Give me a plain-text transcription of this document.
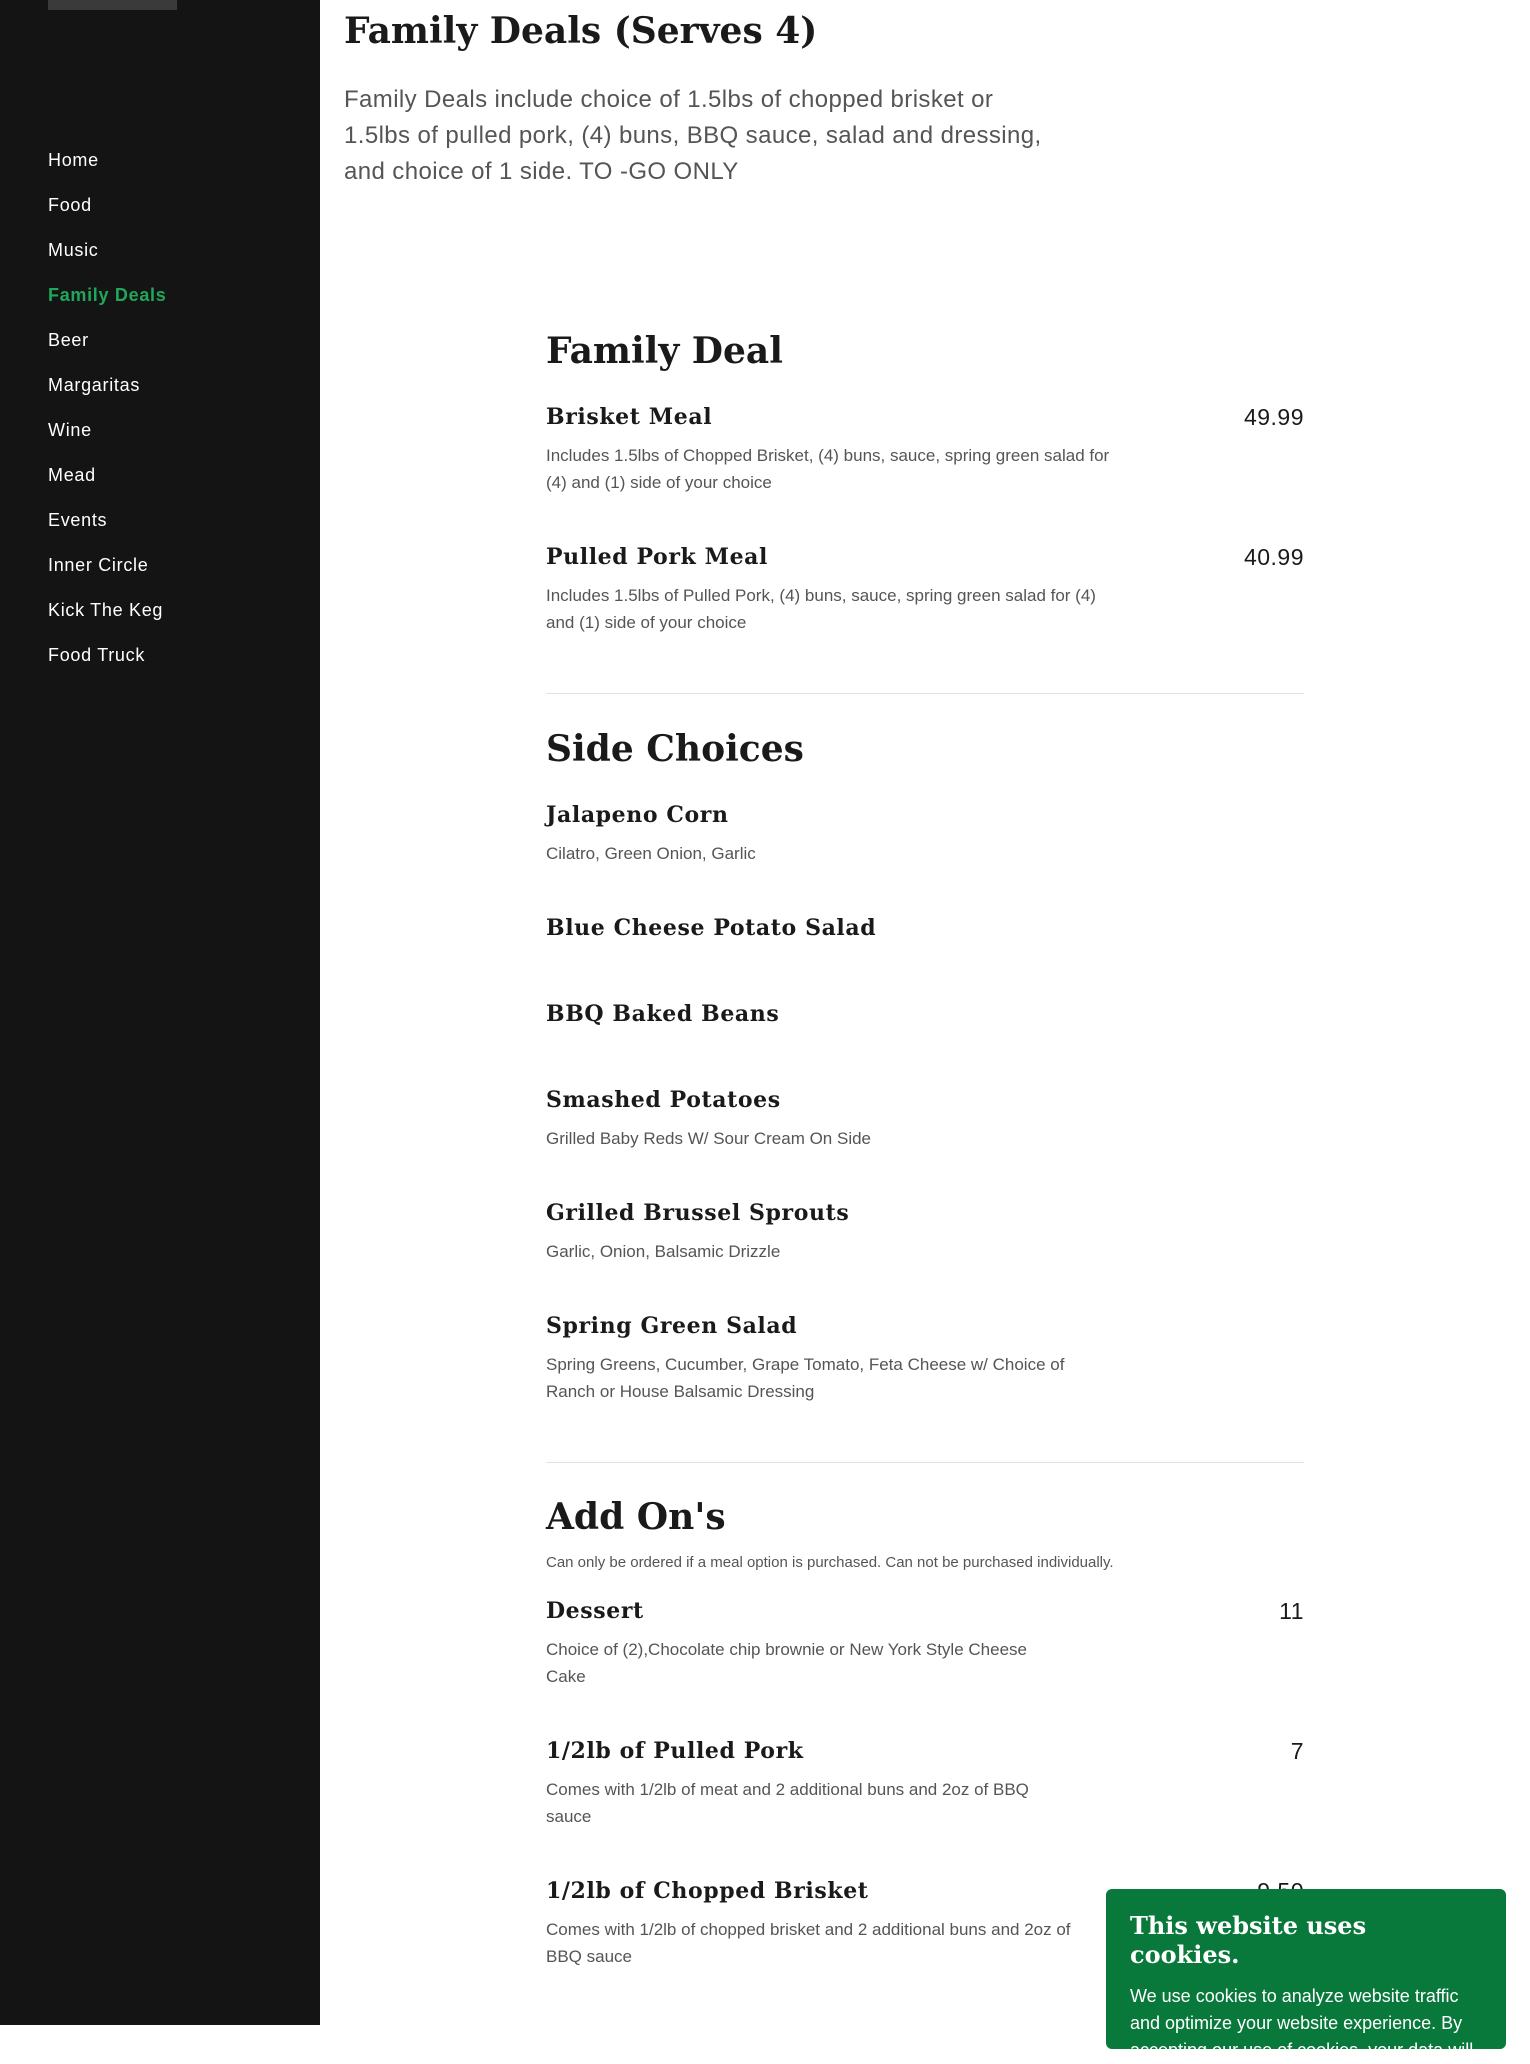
Home
Food
Music
Family Deals
Beer
Margaritas
Wine
Mead
Events
Inner Circle
Kick The Keg
Food Truck
Family Deals (Serves 4)

Family Deals include choice of 1.5lbs of chopped brisket or 1.5lbs of pulled pork, (4) buns, BBQ sauce, salad and dressing, and choice of 1 side. TO -GO ONLY

Family Deal
Brisket Meal	49.99
Includes 1.5lbs of Chopped Brisket, (4) buns, sauce, spring green salad for (4) and (1) side of your choice
Pulled Pork Meal	40.99
Includes 1.5lbs of Pulled Pork, (4) buns, sauce, spring green salad for (4) and (1) side of your choice
Side Choices
Jalapeno Corn
Cilatro, Green Onion, Garlic
Blue Cheese Potato Salad
BBQ Baked Beans
Smashed Potatoes
Grilled Baby Reds W/ Sour Cream On Side
Grilled Brussel Sprouts
Garlic, Onion, Balsamic Drizzle
Spring Green Salad
Spring Greens, Cucumber, Grape Tomato, Feta Cheese w/ Choice of Ranch or House Balsamic Dressing
Add On's
Can only be ordered if a meal option is purchased. Can not be purchased individually.
Dessert	11
Choice of (2),Chocolate chip brownie or New York Style Cheese Cake
1/2lb of Pulled Pork	7
Comes with 1/2lb of meat and 2 additional buns and 2oz of BBQ sauce
1/2lb of Chopped Brisket
Comes with 1/2lb of chopped brisket and 2 additional buns and 2oz of BBQ sauce
This website uses cookies.
We use cookies to analyze website traffic and optimize your website experience. By accepting our use of cookies, your data will
